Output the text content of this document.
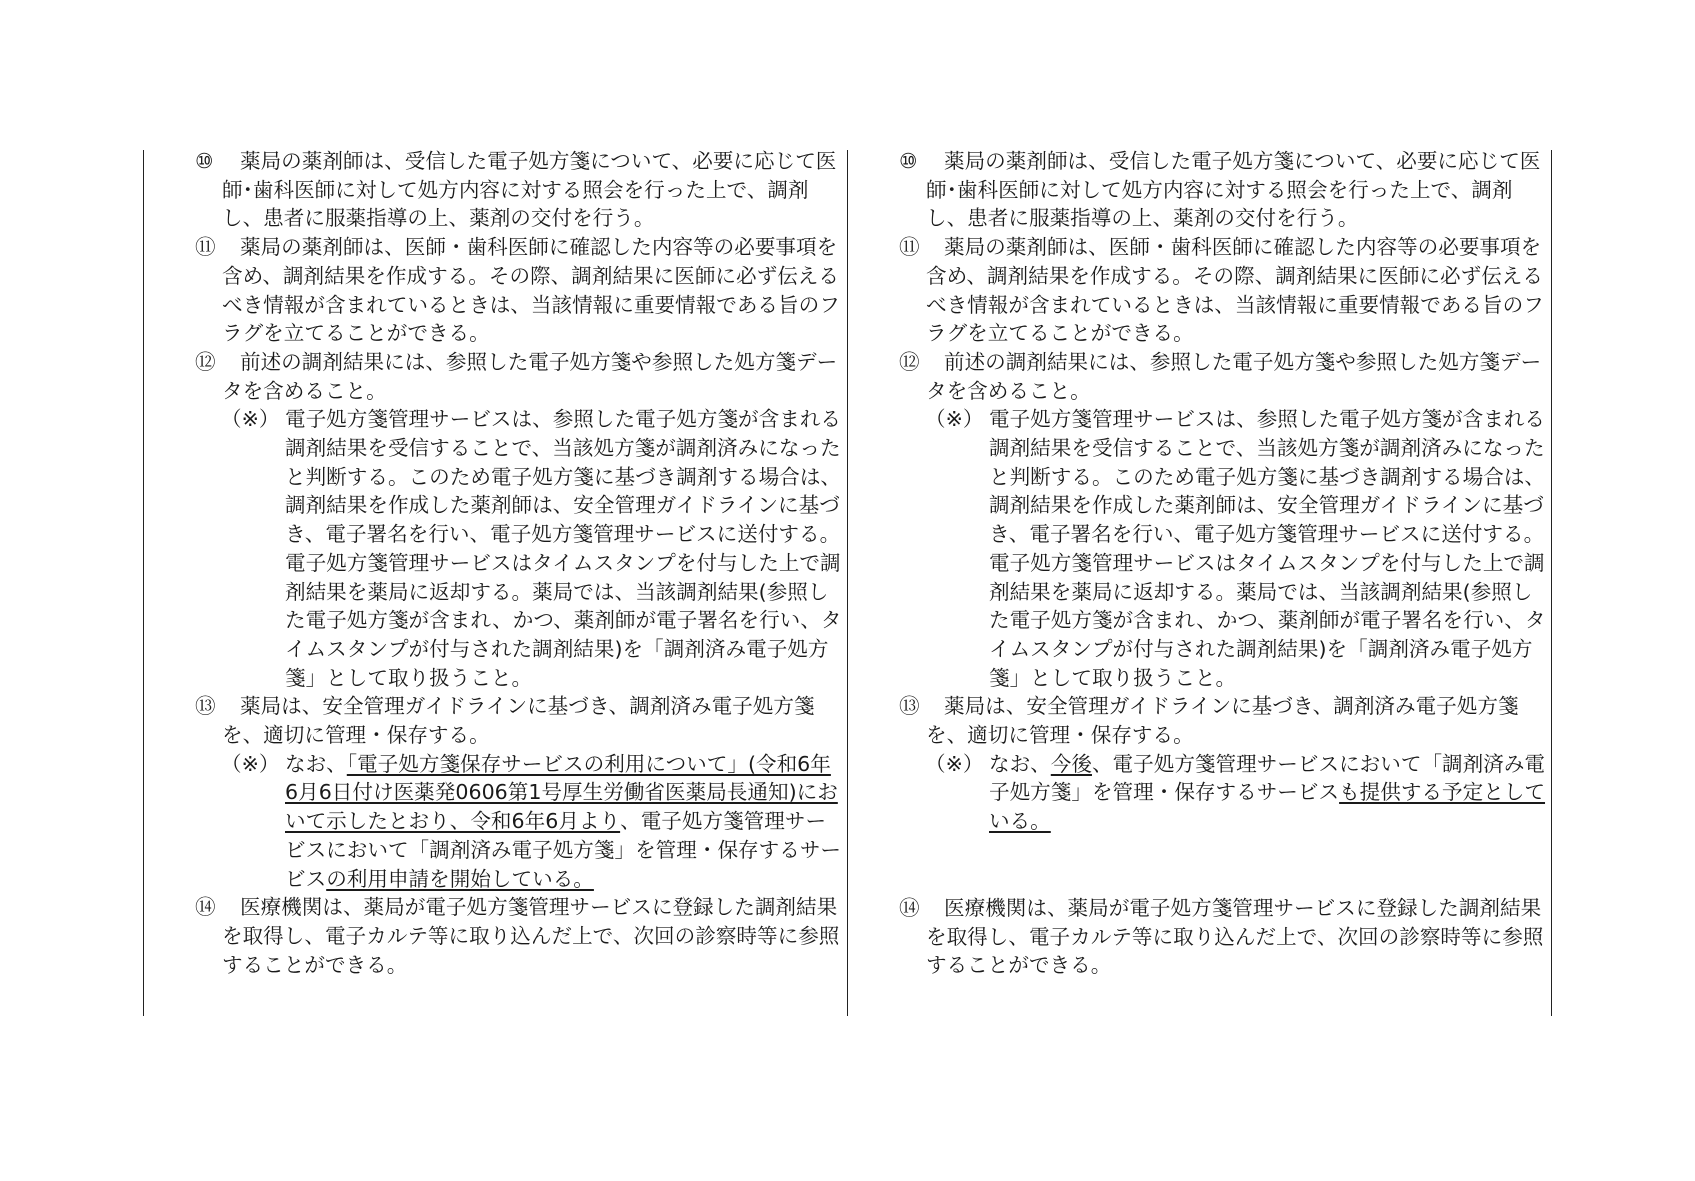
⑩ 薬局の薬剤師は、受信した電子処方箋について、必要に応じて医師･歯科医師に対して処方内容に対する照会を行った上で、調剤し、患者に服薬指導の上、薬剤の交付を行う。

⑪ 薬局の薬剤師は、医師・歯科医師に確認した内容等の必要事項を含め、調剤結果を作成する。その際、調剤結果に医師に必ず伝えるべき情報が含まれているときは、当該情報に重要情報である旨のフラグを立てることができる。

⑫ 前述の調剤結果には、参照した電子処方箋や参照した処方箋データを含めること。

（※） 電子処方箋管理サービスは、参照した電子処方箋が含まれる調剤結果を受信することで、当該処方箋が調剤済みになったと判断する。このため電子処方箋に基づき調剤する場合は、調剤結果を作成した薬剤師は、安全管理ガイドラインに基づき、電子署名を行い、電子処方箋管理サービスに送付する。電子処方箋管理サービスはタイムスタンプを付与した上で調剤結果を薬局に返却する。薬局では、当該調剤結果(参照した電子処方箋が含まれ、かつ、薬剤師が電子署名を行い、タイムスタンプが付与された調剤結果)を「調剤済み電子処方箋」として取り扱うこと。

⑬ 薬局は、安全管理ガイドラインに基づき、調剤済み電子処方箋を、適切に管理・保存する。

（※） なお、「電子処方箋保存サービスの利用について」(令和6年6月6日付け医薬発0606第1号厚生労働省医薬局長通知)において示したとおり、令和6年6月より、電子処方箋管理サービスにおいて「調剤済み電子処方箋」を管理・保存するサービスの利用申請を開始している。

⑭ 医療機関は、薬局が電子処方箋管理サービスに登録した調剤結果を取得し、電子カルテ等に取り込んだ上で、次回の診察時等に参照することができる。

⑩ 薬局の薬剤師は、受信した電子処方箋について、必要に応じて医師･歯科医師に対して処方内容に対する照会を行った上で、調剤し、患者に服薬指導の上、薬剤の交付を行う。

⑪ 薬局の薬剤師は、医師・歯科医師に確認した内容等の必要事項を含め、調剤結果を作成する。その際、調剤結果に医師に必ず伝えるべき情報が含まれているときは、当該情報に重要情報である旨のフラグを立てることができる。

⑫ 前述の調剤結果には、参照した電子処方箋や参照した処方箋データを含めること。

（※） 電子処方箋管理サービスは、参照した電子処方箋が含まれる調剤結果を受信することで、当該処方箋が調剤済みになったと判断する。このため電子処方箋に基づき調剤する場合は、調剤結果を作成した薬剤師は、安全管理ガイドラインに基づき、電子署名を行い、電子処方箋管理サービスに送付する。電子処方箋管理サービスはタイムスタンプを付与した上で調剤結果を薬局に返却する。薬局では、当該調剤結果(参照した電子処方箋が含まれ、かつ、薬剤師が電子署名を行い、タイムスタンプが付与された調剤結果)を「調剤済み電子処方箋」として取り扱うこと。

⑬ 薬局は、安全管理ガイドラインに基づき、調剤済み電子処方箋を、適切に管理・保存する。

（※） なお、今後、電子処方箋管理サービスにおいて「調剤済み電子処方箋」を管理・保存するサービスも提供する予定としている。

⑭ 医療機関は、薬局が電子処方箋管理サービスに登録した調剤結果を取得し、電子カルテ等に取り込んだ上で、次回の診察時等に参照することができる。
